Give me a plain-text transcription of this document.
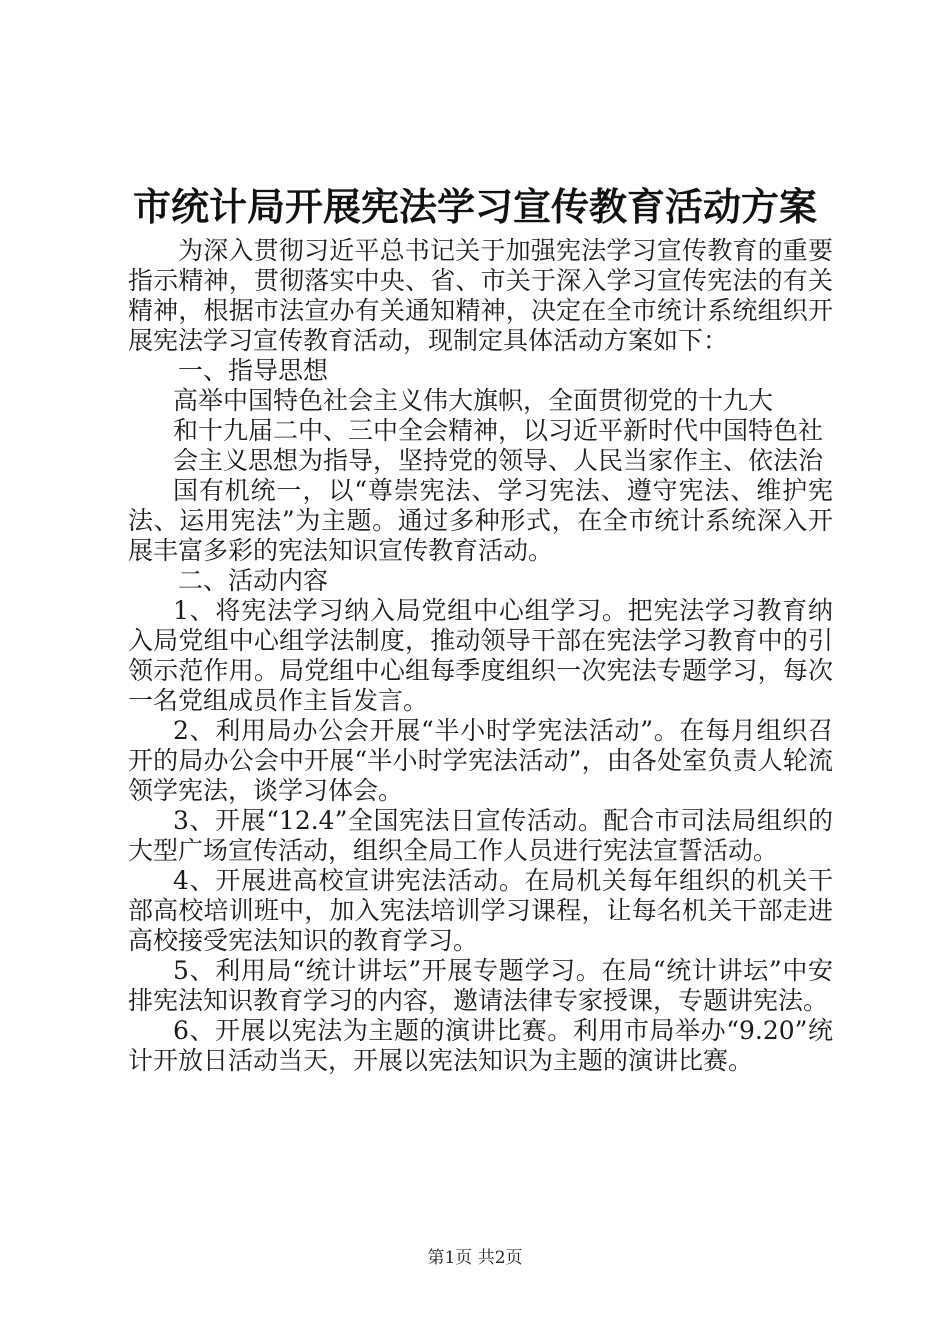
市统计局开展宪法学习宣传教育活动方案

为深入贯彻习近平总书记关于加强宪法学习宣传教育的重要指示精神，贯彻落实中央、省、市关于深入学习宣传宪法的有关精神，根据市法宣办有关通知精神，决定在全市统计系统组织开展宪法学习宣传教育活动，现制定具体活动方案如下：

一、指导思想

高举中国特色社会主义伟大旗帜，全面贯彻党的十九大

和十九届二中、三中全会精神，以习近平新时代中国特色社

会主义思想为指导，坚持党的领导、人民当家作主、依法治

国有机统一，以“尊崇宪法、学习宪法、遵守宪法、维护宪法、运用宪法”为主题。通过多种形式，在全市统计系统深入开展丰富多彩的宪法知识宣传教育活动。

二、活动内容

1、将宪法学习纳入局党组中心组学习。把宪法学习教育纳入局党组中心组学法制度，推动领导干部在宪法学习教育中的引领示范作用。局党组中心组每季度组织一次宪法专题学习，每次一名党组成员作主旨发言。

2、利用局办公会开展“半小时学宪法活动”。在每月组织召开的局办公会中开展“半小时学宪法活动”，由各处室负责人轮流领学宪法，谈学习体会。

3、开展“12.4”全国宪法日宣传活动。配合市司法局组织的大型广场宣传活动，组织全局工作人员进行宪法宣誓活动。

4、开展进高校宣讲宪法活动。在局机关每年组织的机关干部高校培训班中，加入宪法培训学习课程，让每名机关干部走进高校接受宪法知识的教育学习。

5、利用局“统计讲坛”开展专题学习。在局“统计讲坛”中安排宪法知识教育学习的内容，邀请法律专家授课，专题讲宪法。

6、开展以宪法为主题的演讲比赛。利用市局举办“9.20”统计开放日活动当天，开展以宪法知识为主题的演讲比赛。

第1页 共2页
